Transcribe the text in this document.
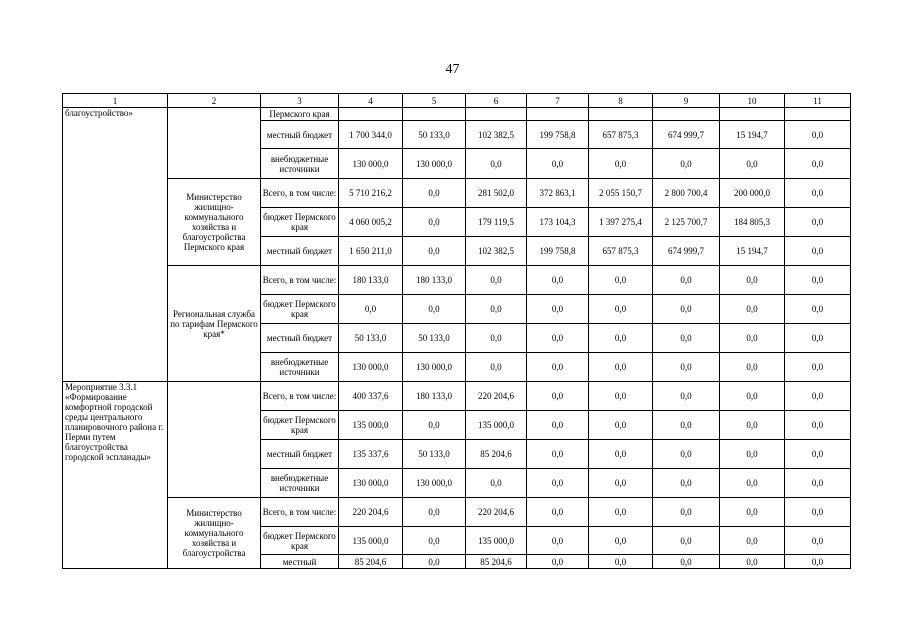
47
1	2	3	4	5	6	7	8	9	10	11
благоустройство»		Пермского края								
		местный бюджет	1 700 344,0	50 133,0	102 382,5	199 758,8	657 875,3	674 999,7	15 194,7	0,0
		внебюджетные источники	130 000,0	130 000,0	0,0	0,0	0,0	0,0	0,0	0,0
	Министерство жилищно-коммунального хозяйства и благоустройства Пермского края	Всего, в том числе:	5 710 216,2	0,0	281 502,0	372 863,1	2 055 150,7	2 800 700,4	200 000,0	0,0
		бюджет Пермского края	4 060 005,2	0,0	179 119,5	173 104,3	1 397 275,4	2 125 700,7	184 805,3	0,0
		местный бюджет	1 650 211,0	0,0	102 382,5	199 758,8	657 875,3	674 999,7	15 194,7	0,0
	Региональная служба по тарифам Пермского края*	Всего, в том числе:	180 133,0	180 133,0	0,0	0,0	0,0	0,0	0,0	0,0
		бюджет Пермского края	0,0	0,0	0,0	0,0	0,0	0,0	0,0	0,0
		местный бюджет	50 133,0	50 133,0	0,0	0,0	0,0	0,0	0,0	0,0
		внебюджетные источники	130 000,0	130 000,0	0,0	0,0	0,0	0,0	0,0	0,0
Мероприятие 3.3.1 «Формирование комфортной городской среды центрального планировочного района г. Перми путем благоустройства городской эспланады»		Всего, в том числе:	400 337,6	180 133,0	220 204,6	0,0	0,0	0,0	0,0	0,0
		бюджет Пермского края	135 000,0	0,0	135 000,0	0,0	0,0	0,0	0,0	0,0
		местный бюджет	135 337,6	50 133,0	85 204,6	0,0	0,0	0,0	0,0	0,0
		внебюджетные источники	130 000,0	130 000,0	0,0	0,0	0,0	0,0	0,0	0,0
	Министерство жилищно-коммунального хозяйства и благоустройства	Всего, в том числе:	220 204,6	0,0	220 204,6	0,0	0,0	0,0	0,0	0,0
		бюджет Пермского края	135 000,0	0,0	135 000,0	0,0	0,0	0,0	0,0	0,0
		местный	85 204,6	0,0	85 204,6	0,0	0,0	0,0	0,0	0,0
